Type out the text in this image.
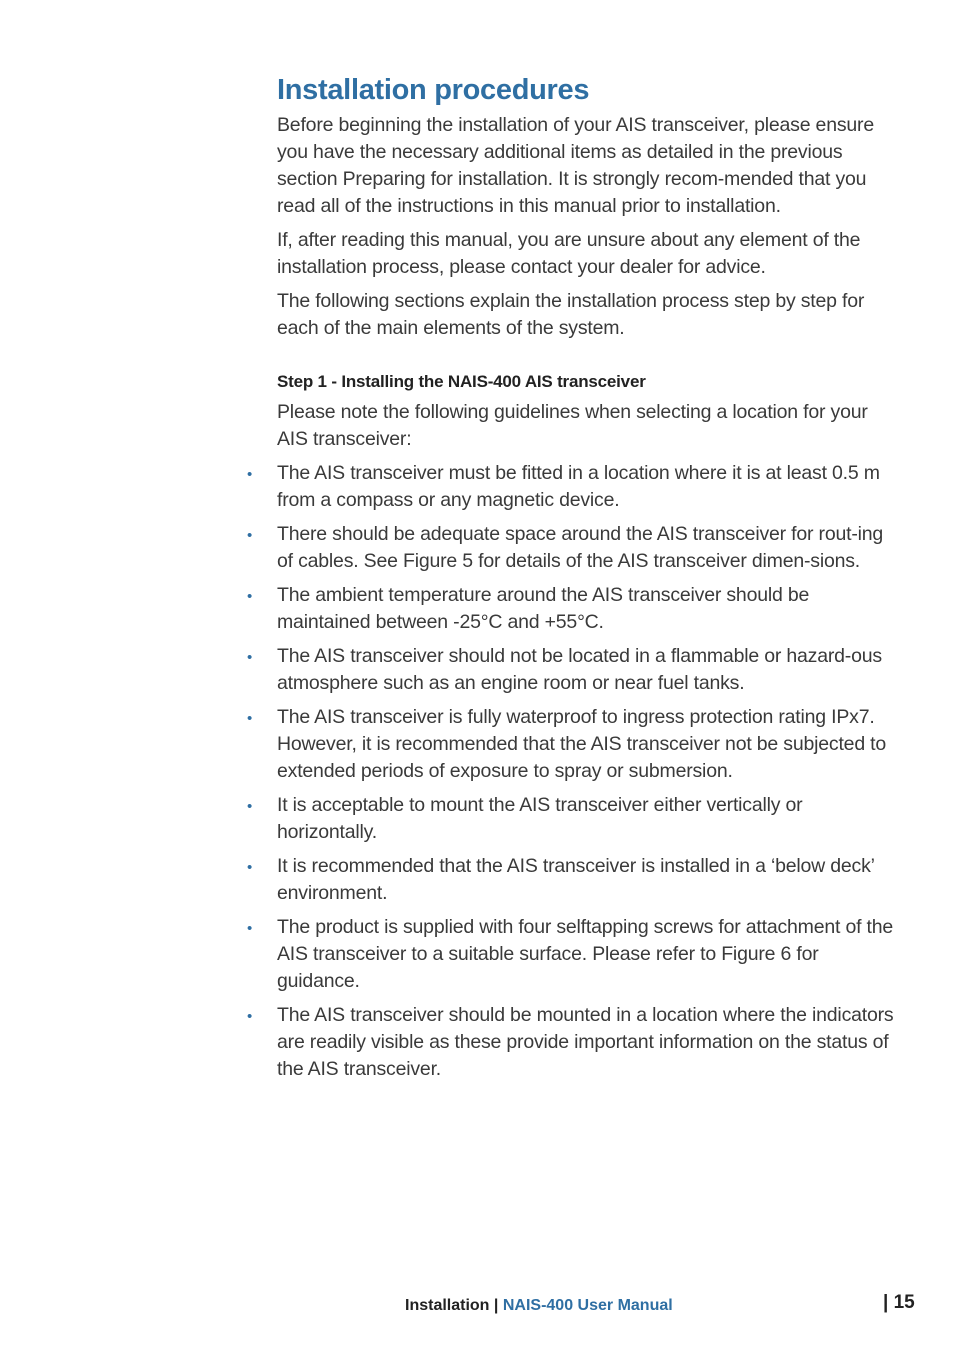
Installation procedures

Before beginning the installation of your AIS transceiver, please ensure you have the necessary additional items as detailed in the previous section Preparing for installation. It is strongly recom-mended that you read all of the instructions in this manual prior to installation.

If, after reading this manual, you are unsure about any element of the installation process, please contact your dealer for advice.

The following sections explain the installation process step by step for each of the main elements of the system.

Step 1 - Installing the NAIS-400 AIS transceiver

Please note the following guidelines when selecting a location for your AIS transceiver:

• The AIS transceiver must be fitted in a location where it is at least 0.5 m from a compass or any magnetic device.
• There should be adequate space around the AIS transceiver for rout-ing of cables. See Figure 5 for details of the AIS transceiver dimen-sions.
• The ambient temperature around the AIS transceiver should be maintained between -25°C and +55°C.
• The AIS transceiver should not be located in a flammable or hazard-ous atmosphere such as an engine room or near fuel tanks.
• The AIS transceiver is fully waterproof to ingress protection rating IPx7. However, it is recommended that the AIS transceiver not be subjected to extended periods of exposure to spray or submersion.
• It is acceptable to mount the AIS transceiver either vertically or horizontally.
• It is recommended that the AIS transceiver is installed in a ‘below deck’ environment.
• The product is supplied with four selftapping screws for attachment of the AIS transceiver to a suitable surface. Please refer to Figure 6 for guidance.
• The AIS transceiver should be mounted in a location where the indicators are readily visible as these provide important information on the status of the AIS transceiver.
Installation | NAIS-400 User Manual	| 15
